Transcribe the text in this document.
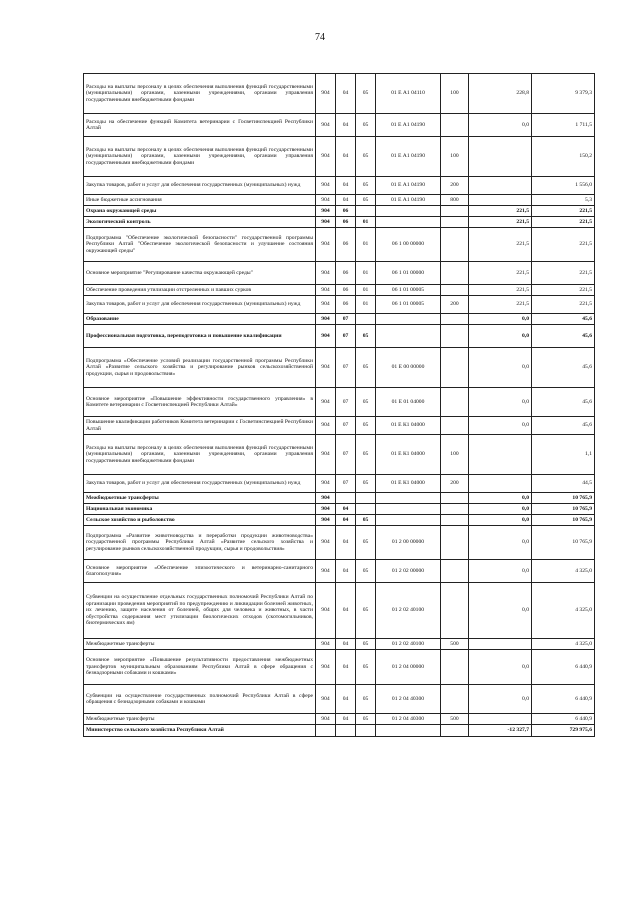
74
Расходы на выплаты персоналу в целях обеспечения выполнения функций государственными (муниципальными) органами, казенными учреждениями, органами управления государственными внебюджетными фондами	904	04	05	01 Е А1 04110	100	228,8	9 379,3
Расходы на обеспечение функций Комитета ветеринарии с Госветинспекцией Республики Алтай	904	04	05	01 Е А1 04190		0,0	1 711,5
Расходы на выплаты персоналу в целях обеспечения выполнения функций государственными (муниципальными) органами, казенными учреждениями, органами управления государственными внебюджетными фондами	904	04	05	01 Е А1 04190	100		150,2
Закупка товаров, работ и услуг для обеспечения государственных (муниципальных) нужд	904	04	05	01 Е А1 04190	200		1 556,0
Иные бюджетные ассигнования	904	04	05	01 Е А1 04190	800		5,3
Охрана окружающей среды	904	06				221,5	221,5
Экологический контроль	904	06	01			221,5	221,5
Подпрограмма "Обеспечение экологической безопасности" государственной программы Республики Алтай "Обеспечение экологической безопасности и улучшение состояния окружающей среды"	904	06	01	06 1 00 00000		221,5	221,5
Основное мероприятие "Регулирование качества окружающей среды"	904	06	01	06 1 01 00000		221,5	221,5
Обеспечение проведения утилизации отстреленных и павших сурков	904	06	01	06 1 01 00005		221,5	221,5
Закупка товаров, работ и услуг для обеспечения государственных (муниципальных) нужд	904	06	01	06 1 01 00005	200	221,5	221,5
Образование	904	07				0,0	45,6
Профессиональная подготовка, переподготовка и повышение квалификации	904	07	05			0,0	45,6
Подпрограмма «Обеспечение условий реализации государственной программы Республики Алтай «Развитие сельского хозяйства и регулирование рынков сельскохозяйственной продукции, сырья и продовольствия»	904	07	05	01 Е 00 00000		0,0	45,6
Основное мероприятие «Повышение эффективности государственного управления» в Комитете ветеринарии с Госветинспекцией Республики Алтай»	904	07	05	01 Е 01 04000		0,0	45,6
Повышение квалификации работников Комитета ветеринарии с Госветинспекцией Республики Алтай	904	07	05	01 Е К1 04000		0,0	45,6
Расходы на выплаты персоналу в целях обеспечения выполнения функций государственными (муниципальными) органами, казенными учреждениями, органами управления государственными внебюджетными фондами	904	07	05	01 Е К1 04000	100		1,1
Закупка товаров, работ и услуг для обеспечения государственных (муниципальных) нужд	904	07	05	01 Е К1 04000	200		44,5
Межбюджетные трансферты	904					0,0	10 765,9
Национальная экономика	904	04				0,0	10 765,9
Сельское хозяйство и рыболовство	904	04	05			0,0	10 765,9
Подпрограмма «Развитие животноводства и переработки продукции животноводства» государственной программы Республики Алтай «Развитие сельского хозяйства и регулирование рынков сельскохозяйственной продукции, сырья и продовольствия»	904	04	05	01 2 00 00000		0,0	10 765,9
Основное мероприятие «Обеспечение эпизоотического и ветеринарно-санитарного благополучия»	904	04	05	01 2 02 00000		0,0	4 325,0
Субвенции на осуществление отдельных государственных полномочий Республики Алтай по организации проведения мероприятий по предупреждению и ликвидации болезней животных, их лечению, защите населения от болезней, общих для человека и животных, в части обустройства содержания мест утилизации биологических отходов (скотомогильников, биотермических ям)	904	04	05	01 2 02 40100		0,0	4 325,0
Межбюджетные трансферты	904	04	05	01 2 02 40100	500		4 325,0
Основное мероприятие «Повышение результативности предоставления межбюджетных трансфертов муниципальным образованиям Республики Алтай в сфере обращения с безнадзорными собаками и кошками»	904	04	05	01 2 04 00000		0,0	6 440,9
Субвенции на осуществление государственных полномочий Республики Алтай в сфере обращения с безнадзорными собаками и кошками	904	04	05	01 2 04 40300		0,0	6 440,9
Межбюджетные трансферты	904	04	05	01 2 04 40300	500		6 440,9
Министерство сельского хозяйства Республики Алтай						-12 327,7	729 975,6
